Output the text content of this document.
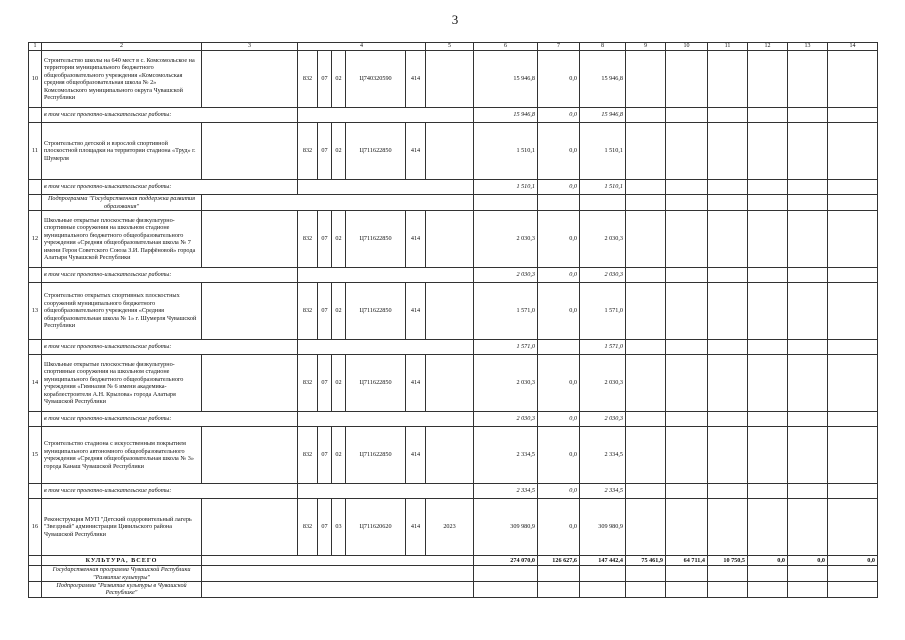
3
1	2	3	4					5	6	7	8	9	10	11	12	13	14
10	Строительство школы на 640 мест в с. Комсомольское на территории муниципального бюджетного общеобразовательного учреждения «Комсомольская средняя общеобразовательная школа № 2» Комсомольского муниципального округа Чувашской Республики		832	07	02	Ц740320590	414		15 946,8	0,0	15 946,8						
	в том числе проектно-изыскательские работы:								15 946,8	0,0	15 946,8						
11	Строительство детской и взрослой спортивной плоскостной площадки на территории стадиона «Труд» г. Шумерля		832	07	02	Ц711622850	414		1 510,1	0,0	1 510,1						
	в том числе проектно-изыскательские работы:								1 510,1	0,0	1 510,1						
	Подпрограмма "Государственная поддержка развития образования"																
12	Школьные открытые плоскостные физкультурно-спортивные сооружения на школьном стадионе муниципального бюджетного общеобразовательного учреждения «Средняя общеобразовательная школа № 7 имени Героя Советского Союза З.И. Парфёновой» города Алатыря Чувашской Республики		832	07	02	Ц711622850	414		2 030,3	0,0	2 030,3						
	в том числе проектно-изыскательские работы:								2 030,3	0,0	2 030,3						
13	Строительство открытых спортивных плоскостных сооружений муниципального бюджетного общеобразовательного учреждения «Средняя общеобразовательная школа № 1» г. Шумерля Чувашской Республики		832	07	02	Ц711622850	414		1 571,0	0,0	1 571,0						
	в том числе проектно-изыскательские работы:								1 571,0		1 571,0						
14	Школьные открытые плоскостные физкультурно-спортивные сооружения на школьном стадионе муниципального бюджетного общеобразовательного учреждения «Гимназия № 6 имени академика-кораблестроителя А.Н. Крылова» города Алатыря Чувашской Республики		832	07	02	Ц711622850	414		2 030,3	0,0	2 030,3						
	в том числе проектно-изыскательские работы:								2 030,3	0,0	2 030,3						
15	Строительство стадиона с искусственным покрытием муниципального автономного общеобразовательного учреждения «Средняя общеобразовательная школа № 3» города Канаш Чувашской Республики		832	07	02	Ц711622850	414		2 334,5	0,0	2 334,5						
	в том числе проектно-изыскательские работы:								2 334,5	0,0	2 334,5						
16	Реконструкция МУП "Детский оздоровительный лагерь "Звездный" администрации Цивильского района Чувашской Республики		832	07	03	Ц711620620	414	2023	309 980,9	0,0	309 980,9						
	КУЛЬТУРА, ВСЕГО								274 070,0	126 627,6	147 442,4	75 461,9	64 711,4	10 750,5	0,0	0,0	0,0
	Государственная программа Чувашской Республики "Развитие культуры"																
	Подпрограмма "Развитие культуры в Чувашской Республике"																
